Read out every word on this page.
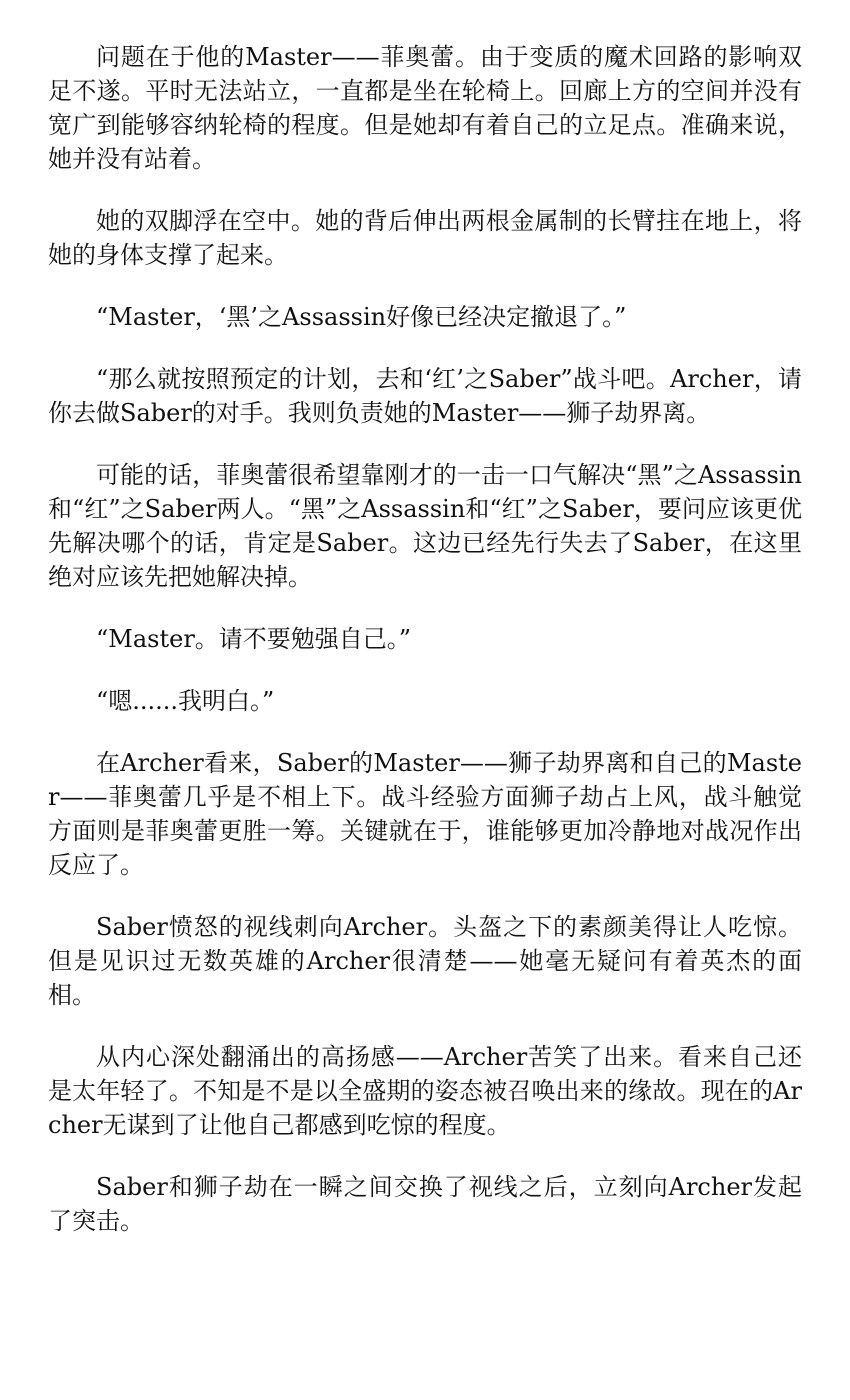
问题在于他的Master——菲奥蕾。由于变质的魔术回路的影响双足不遂。平时无法站立，一直都是坐在轮椅上。回廊上方的空间并没有宽广到能够容纳轮椅的程度。但是她却有着自己的立足点。准确来说，她并没有站着。

她的双脚浮在空中。她的背后伸出两根金属制的长臂拄在地上，将她的身体支撑了起来。

“Master，‘黑’之Assassin好像已经决定撤退了。”

“那么就按照预定的计划，去和‘红’之Saber”战斗吧。Archer，请你去做Saber的对手。我则负责她的Master——狮子劫界离。

可能的话，菲奥蕾很希望靠刚才的一击一口气解决“黑”之Assassin和“红”之Saber两人。“黑”之Assassin和“红”之Saber，要问应该更优先解决哪个的话，肯定是Saber。这边已经先行失去了Saber，在这里绝对应该先把她解决掉。

“Master。请不要勉强自己。”

“嗯......我明白。”

在Archer看来，Saber的Master——狮子劫界离和自己的Master——菲奥蕾几乎是不相上下。战斗经验方面狮子劫占上风，战斗触觉方面则是菲奥蕾更胜一筹。关键就在于，谁能够更加冷静地对战况作出反应了。

Saber愤怒的视线刺向Archer。头盔之下的素颜美得让人吃惊。但是见识过无数英雄的Archer很清楚——她毫无疑问有着英杰的面相。

从内心深处翻涌出的高扬感——Archer苦笑了出来。看来自己还是太年轻了。不知是不是以全盛期的姿态被召唤出来的缘故。现在的Archer无谋到了让他自己都感到吃惊的程度。

Saber和狮子劫在一瞬之间交换了视线之后，立刻向Archer发起了突击。
